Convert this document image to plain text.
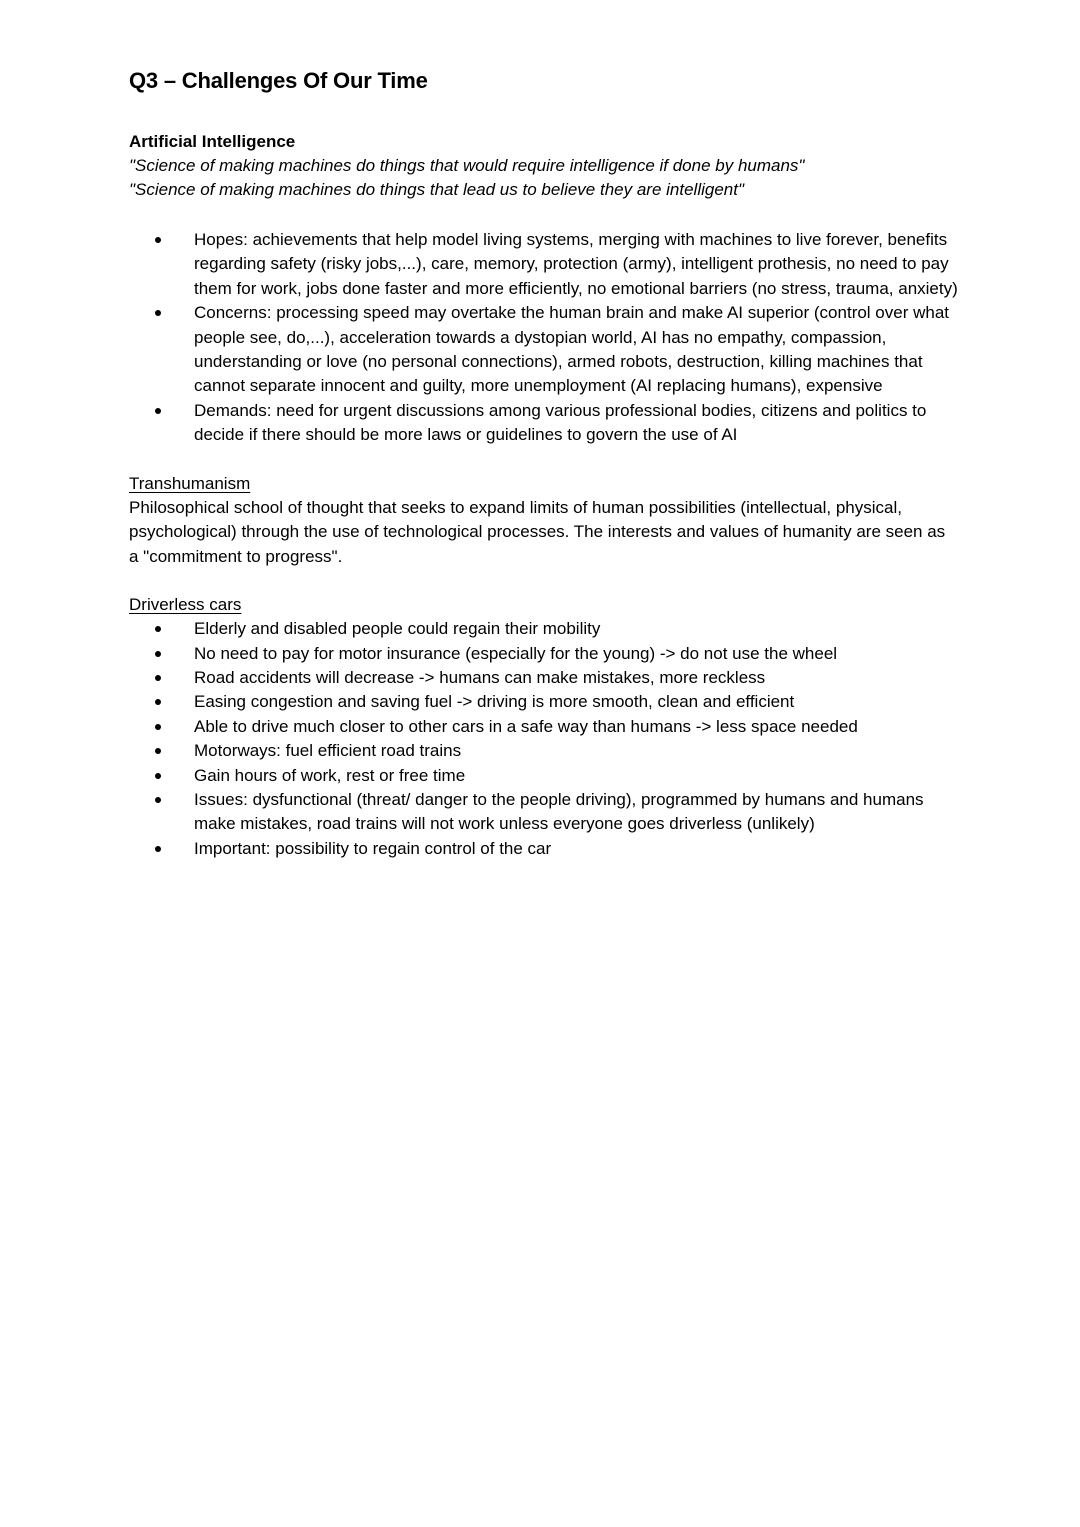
Q3 – Challenges Of Our Time

Artificial Intelligence

"Science of making machines do things that would require intelligence if done by humans"

"Science of making machines do things that lead us to believe they are intelligent"

Hopes: achievements that help model living systems, merging with machines to live forever, benefits regarding safety (risky jobs,...), care, memory, protection (army), intelligent prothesis, no need to pay them for work, jobs done faster and more efficiently, no emotional barriers (no stress, trauma, anxiety)
Concerns: processing speed may overtake the human brain and make AI superior (control over what people see, do,...), acceleration towards a dystopian world, AI has no empathy, compassion, understanding or love (no personal connections), armed robots, destruction, killing machines that cannot separate innocent and guilty, more unemployment (AI replacing humans), expensive
Demands: need for urgent discussions among various professional bodies, citizens and politics to decide if there should be more laws or guidelines to govern the use of AI

Transhumanism

Philosophical school of thought that seeks to expand limits of human possibilities (intellectual, physical, psychological) through the use of technological processes. The interests and values of humanity are seen as a "commitment to progress".

Driverless cars

Elderly and disabled people could regain their mobility
No need to pay for motor insurance (especially for the young) -> do not use the wheel
Road accidents will decrease -> humans can make mistakes, more reckless
Easing congestion and saving fuel -> driving is more smooth, clean and efficient
Able to drive much closer to other cars in a safe way than humans -> less space needed
Motorways: fuel efficient road trains
Gain hours of work, rest or free time
Issues: dysfunctional (threat/ danger to the people driving), programmed by humans and humans make mistakes, road trains will not work unless everyone goes driverless (unlikely)
Important: possibility to regain control of the car
